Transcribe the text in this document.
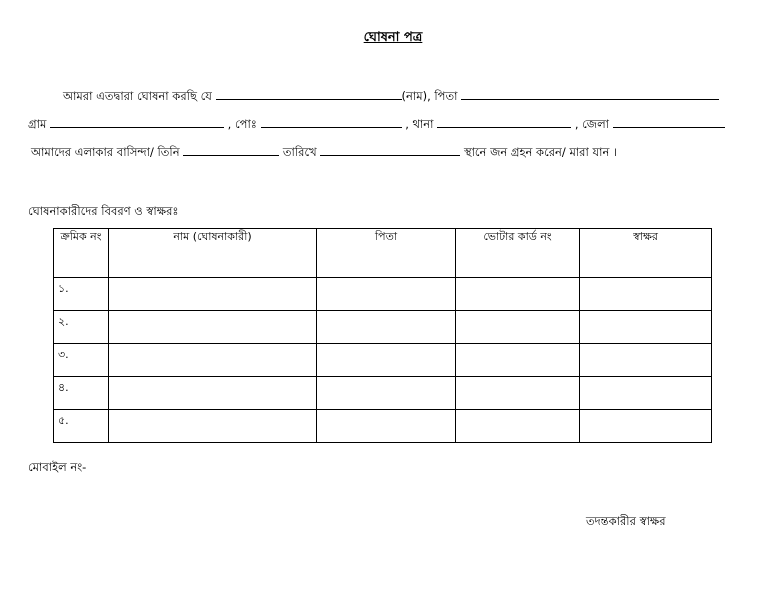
ঘোষনা পত্র
আমরা এতদ্বারা ঘোষনা করছি যে	(নাম), পিতা
গ্রাম	, পোঃ	, থানা	, জেলা
আমাদের এলাকার বাসিন্দা/ তিনি	তারিখে	স্থানে জন গ্রহন করেন/ মারা যান ।
ঘোষনাকারীদের বিবরণ ও স্বাক্ষরঃ
ক্রমিক নং	নাম (ঘোষনাকারী)	পিতা	ভোটার কার্ড নং	স্বাক্ষর
১.				
২.				
৩.				
৪.				
৫.				
মোবাইল নং-
তদন্তকারীর স্বাক্ষর
